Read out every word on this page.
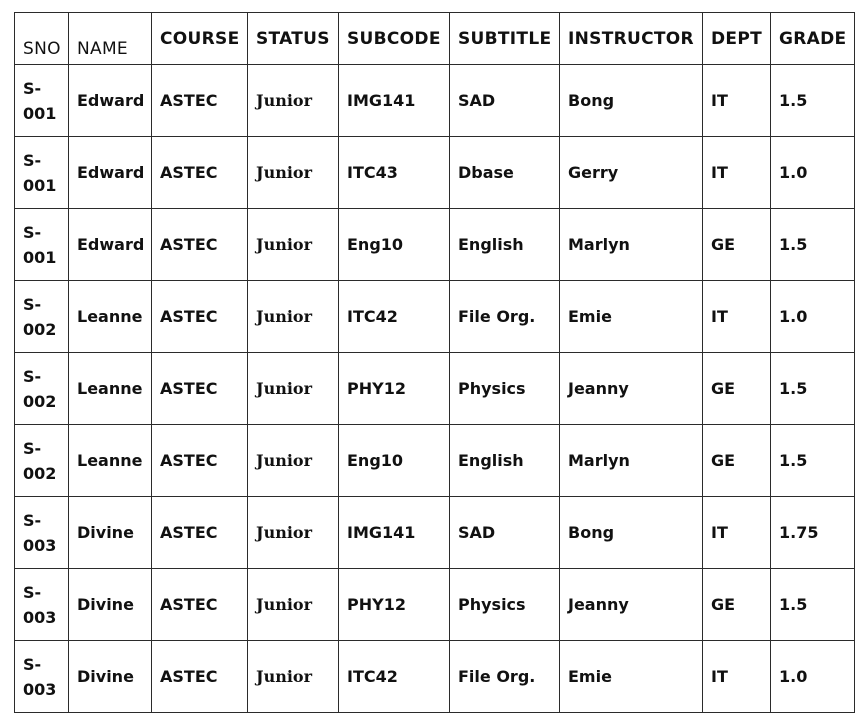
SNO	NAME	COURSE	STATUS	SUBCODE	SUBTITLE	INSTRUCTOR	DEPT	GRADE

S-
001	Edward	ASTEC	Junior	IMG141	SAD	Bong	IT	1.5

S-
001	Edward	ASTEC	Junior	ITC43	Dbase	Gerry	IT	1.0

S-
001	Edward	ASTEC	Junior	Eng10	English	Marlyn	GE	1.5

S-
002	Leanne	ASTEC	Junior	ITC42	File Org.	Emie	IT	1.0

S-
002	Leanne	ASTEC	Junior	PHY12	Physics	Jeanny	GE	1.5

S-
002	Leanne	ASTEC	Junior	Eng10	English	Marlyn	GE	1.5

S-
003	Divine	ASTEC	Junior	IMG141	SAD	Bong	IT	1.75

S-
003	Divine	ASTEC	Junior	PHY12	Physics	Jeanny	GE	1.5

S-
003	Divine	ASTEC	Junior	ITC42	File Org.	Emie	IT	1.0
